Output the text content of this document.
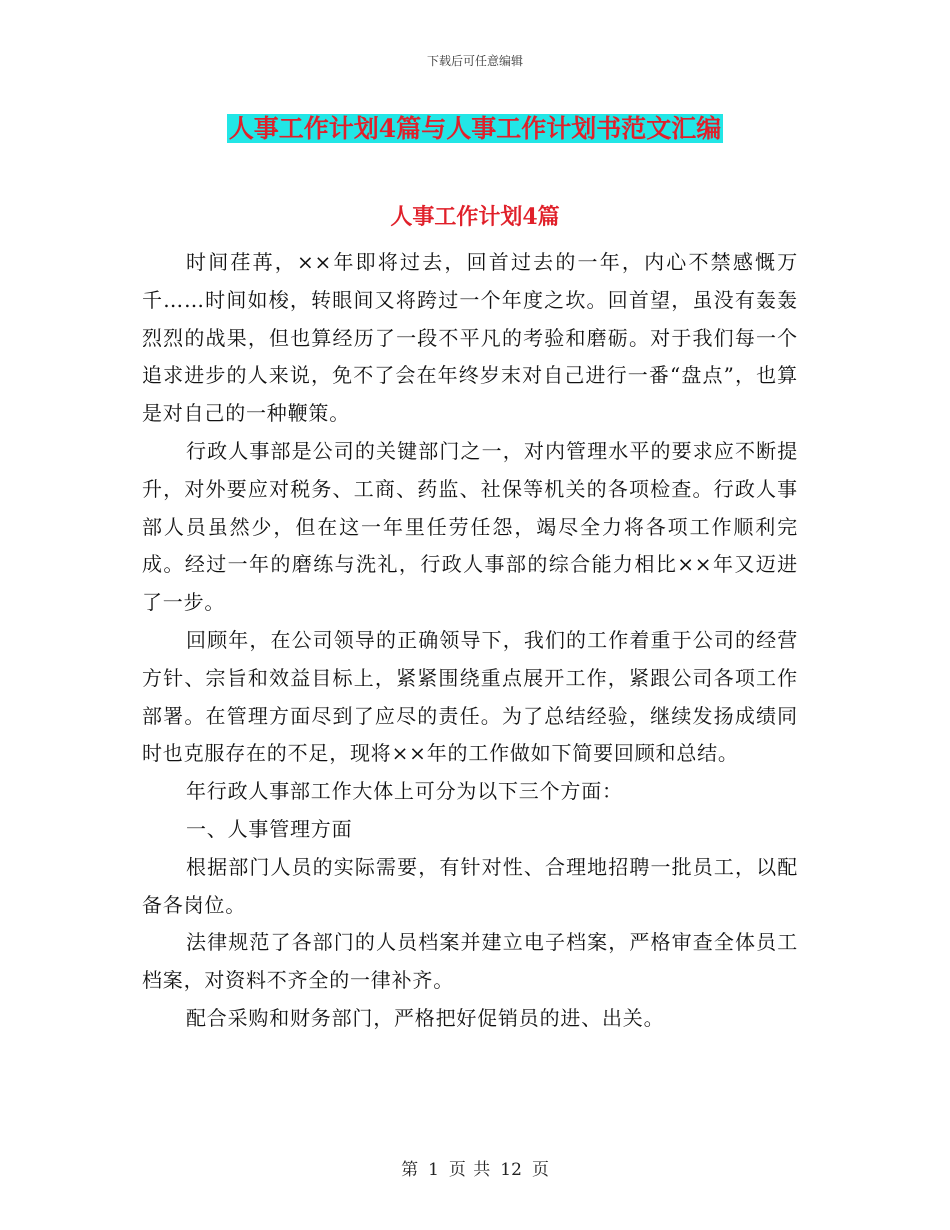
下载后可任意编辑
人事工作计划4篇与人事工作计划书范文汇编
人事工作计划4篇

时间荏苒，××年即将过去，回首过去的一年，内心不禁感慨万千……时间如梭，转眼间又将跨过一个年度之坎。回首望，虽没有轰轰烈烈的战果，但也算经历了一段不平凡的考验和磨砺。对于我们每一个追求进步的人来说，免不了会在年终岁末对自己进行一番“盘点”，也算是对自己的一种鞭策。

行政人事部是公司的关键部门之一，对内管理水平的要求应不断提升，对外要应对税务、工商、药监、社保等机关的各项检查。行政人事部人员虽然少，但在这一年里任劳任怨，竭尽全力将各项工作顺利完成。经过一年的磨练与洗礼，行政人事部的综合能力相比××年又迈进了一步。

回顾年，在公司领导的正确领导下，我们的工作着重于公司的经营方针、宗旨和效益目标上，紧紧围绕重点展开工作，紧跟公司各项工作部署。在管理方面尽到了应尽的责任。为了总结经验，继续发扬成绩同时也克服存在的不足，现将××年的工作做如下简要回顾和总结。

年行政人事部工作大体上可分为以下三个方面：

一、人事管理方面

根据部门人员的实际需要，有针对性、合理地招聘一批员工，以配备各岗位。

法律规范了各部门的人员档案并建立电子档案，严格审查全体员工档案，对资料不齐全的一律补齐。

配合采购和财务部门，严格把好促销员的进、出关。

第 1 页 共 12 页
